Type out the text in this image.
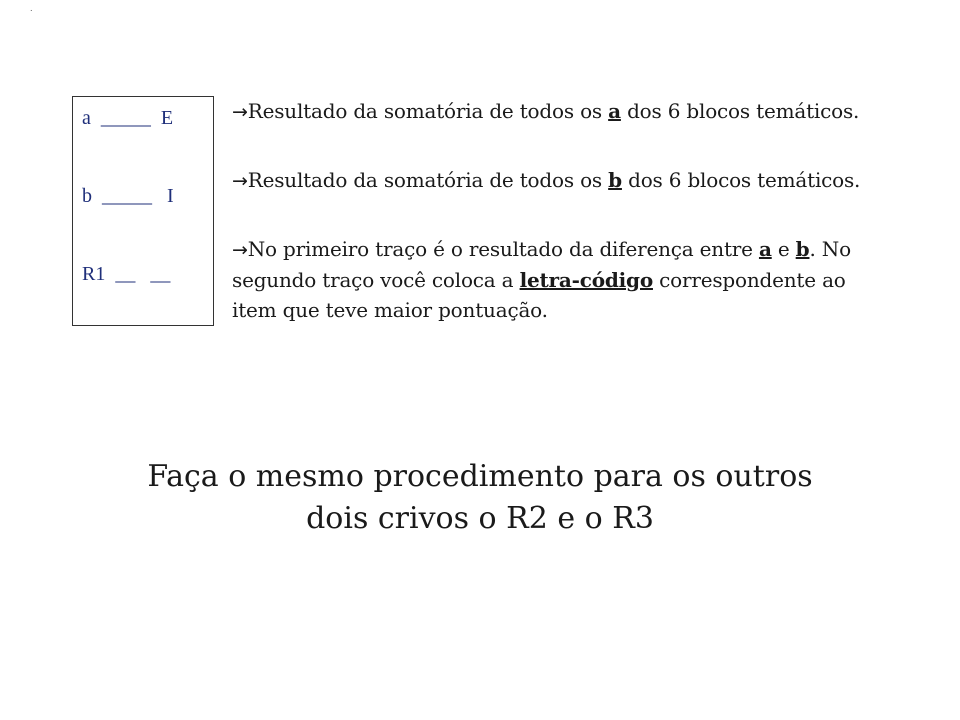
.
a  _____  E
b  _____   I
R1  __   __

→Resultado da somatória de todos os a dos 6 blocos temáticos.

→Resultado da somatória de todos os b dos 6 blocos temáticos.

→No primeiro traço é o resultado da diferença entre a e b. No segundo traço você coloca a letra-código correspondente ao item que teve maior pontuação.

Faça o mesmo procedimento para os outros
dois crivos o R2 e o R3
